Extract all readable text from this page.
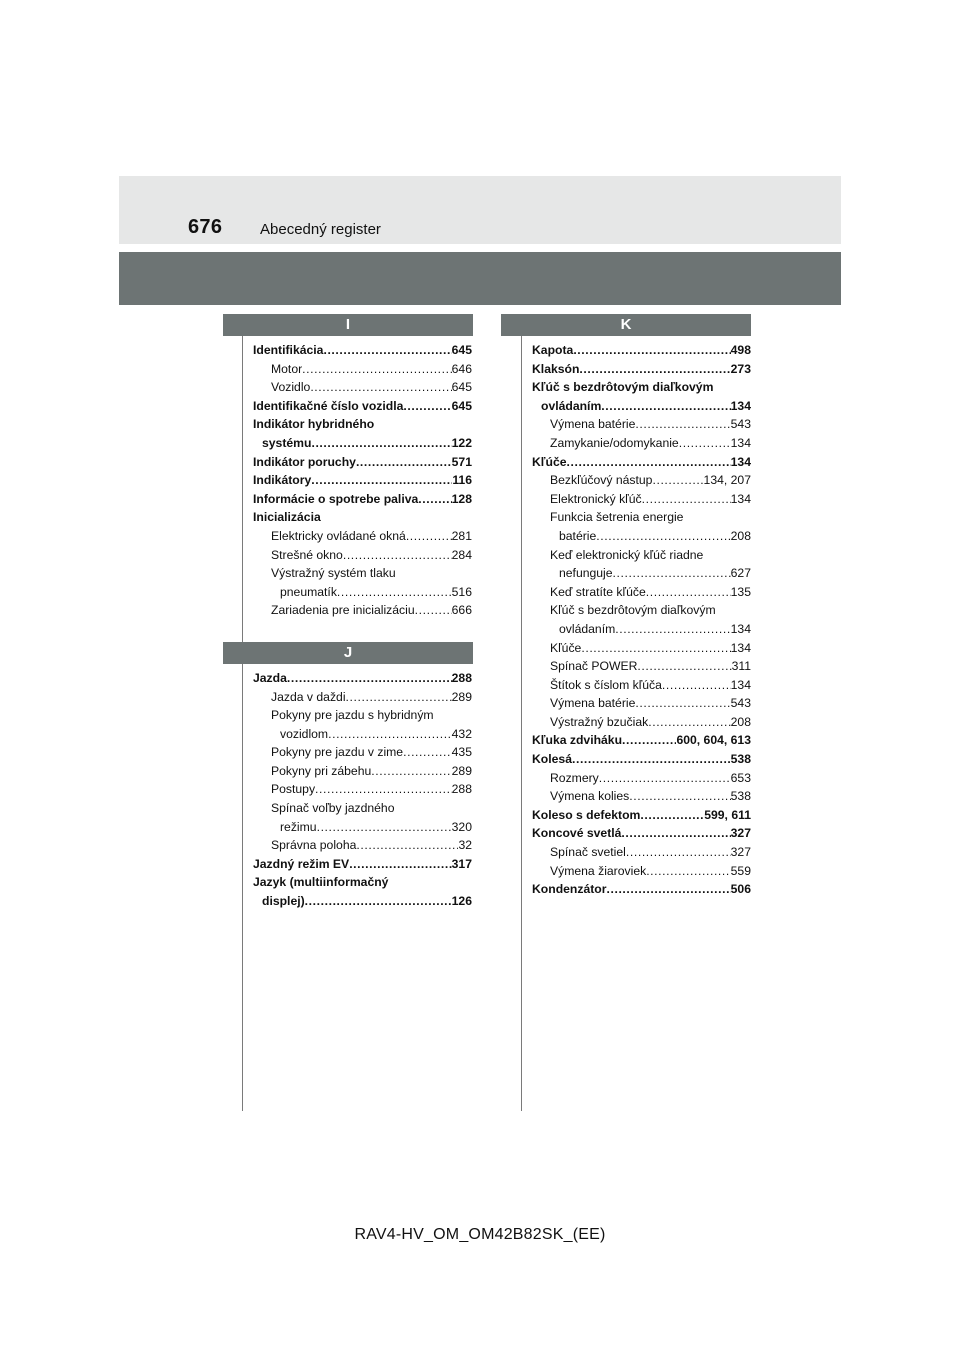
676	Abecedný register
I
Identifikácia .....	645
Motor .....	646
Vozidlo .....	645
Identifikačné číslo vozidla .....	645
Indikátor hybridného
systému .....	122
Indikátor poruchy .....	571
Indikátory .....	116
Informácie o spotrebe paliva .....	128
Inicializácia
Elektricky ovládané okná .....	281
Strešné okno .....	284
Výstražný systém tlaku
pneumatík .....	516
Zariadenia pre inicializáciu .....	666
J
Jazda .....	288
Jazda v daždi .....	289
Pokyny pre jazdu s hybridným
vozidlom .....	432
Pokyny pre jazdu v zime .....	435
Pokyny pri zábehu .....	289
Postupy .....	288
Spínač voľby jazdného
režimu .....	320
Správna poloha .....	32
Jazdný režim EV .....	317
Jazyk (multiinformačný
displej) .....	126
K
Kapota .....	498
Klaksón .....	273
Kľúč s bezdrôtovým diaľkovým
ovládaním .....	134
Výmena batérie .....	543
Zamykanie/odomykanie .....	134
Kľúče .....	134
Bezkľúčový nástup .....	134, 207
Elektronický kľúč .....	134
Funkcia šetrenia energie
batérie .....	208
Keď elektronický kľúč riadne
nefunguje .....	627
Keď stratíte kľúče .....	135
Kľúč s bezdrôtovým diaľkovým
ovládaním .....	134
Kľúče .....	134
Spínač POWER .....	311
Štítok s číslom kľúča .....	134
Výmena batérie .....	543
Výstražný bzučiak .....	208
Kľuka zdviháku .....	600, 604, 613
Kolesá .....	538
Rozmery .....	653
Výmena kolies .....	538
Koleso s defektom .....	599, 611
Koncové svetlá .....	327
Spínač svetiel .....	327
Výmena žiaroviek .....	559
Kondenzátor .....	506
RAV4-HV_OM_OM42B82SK_(EE)
